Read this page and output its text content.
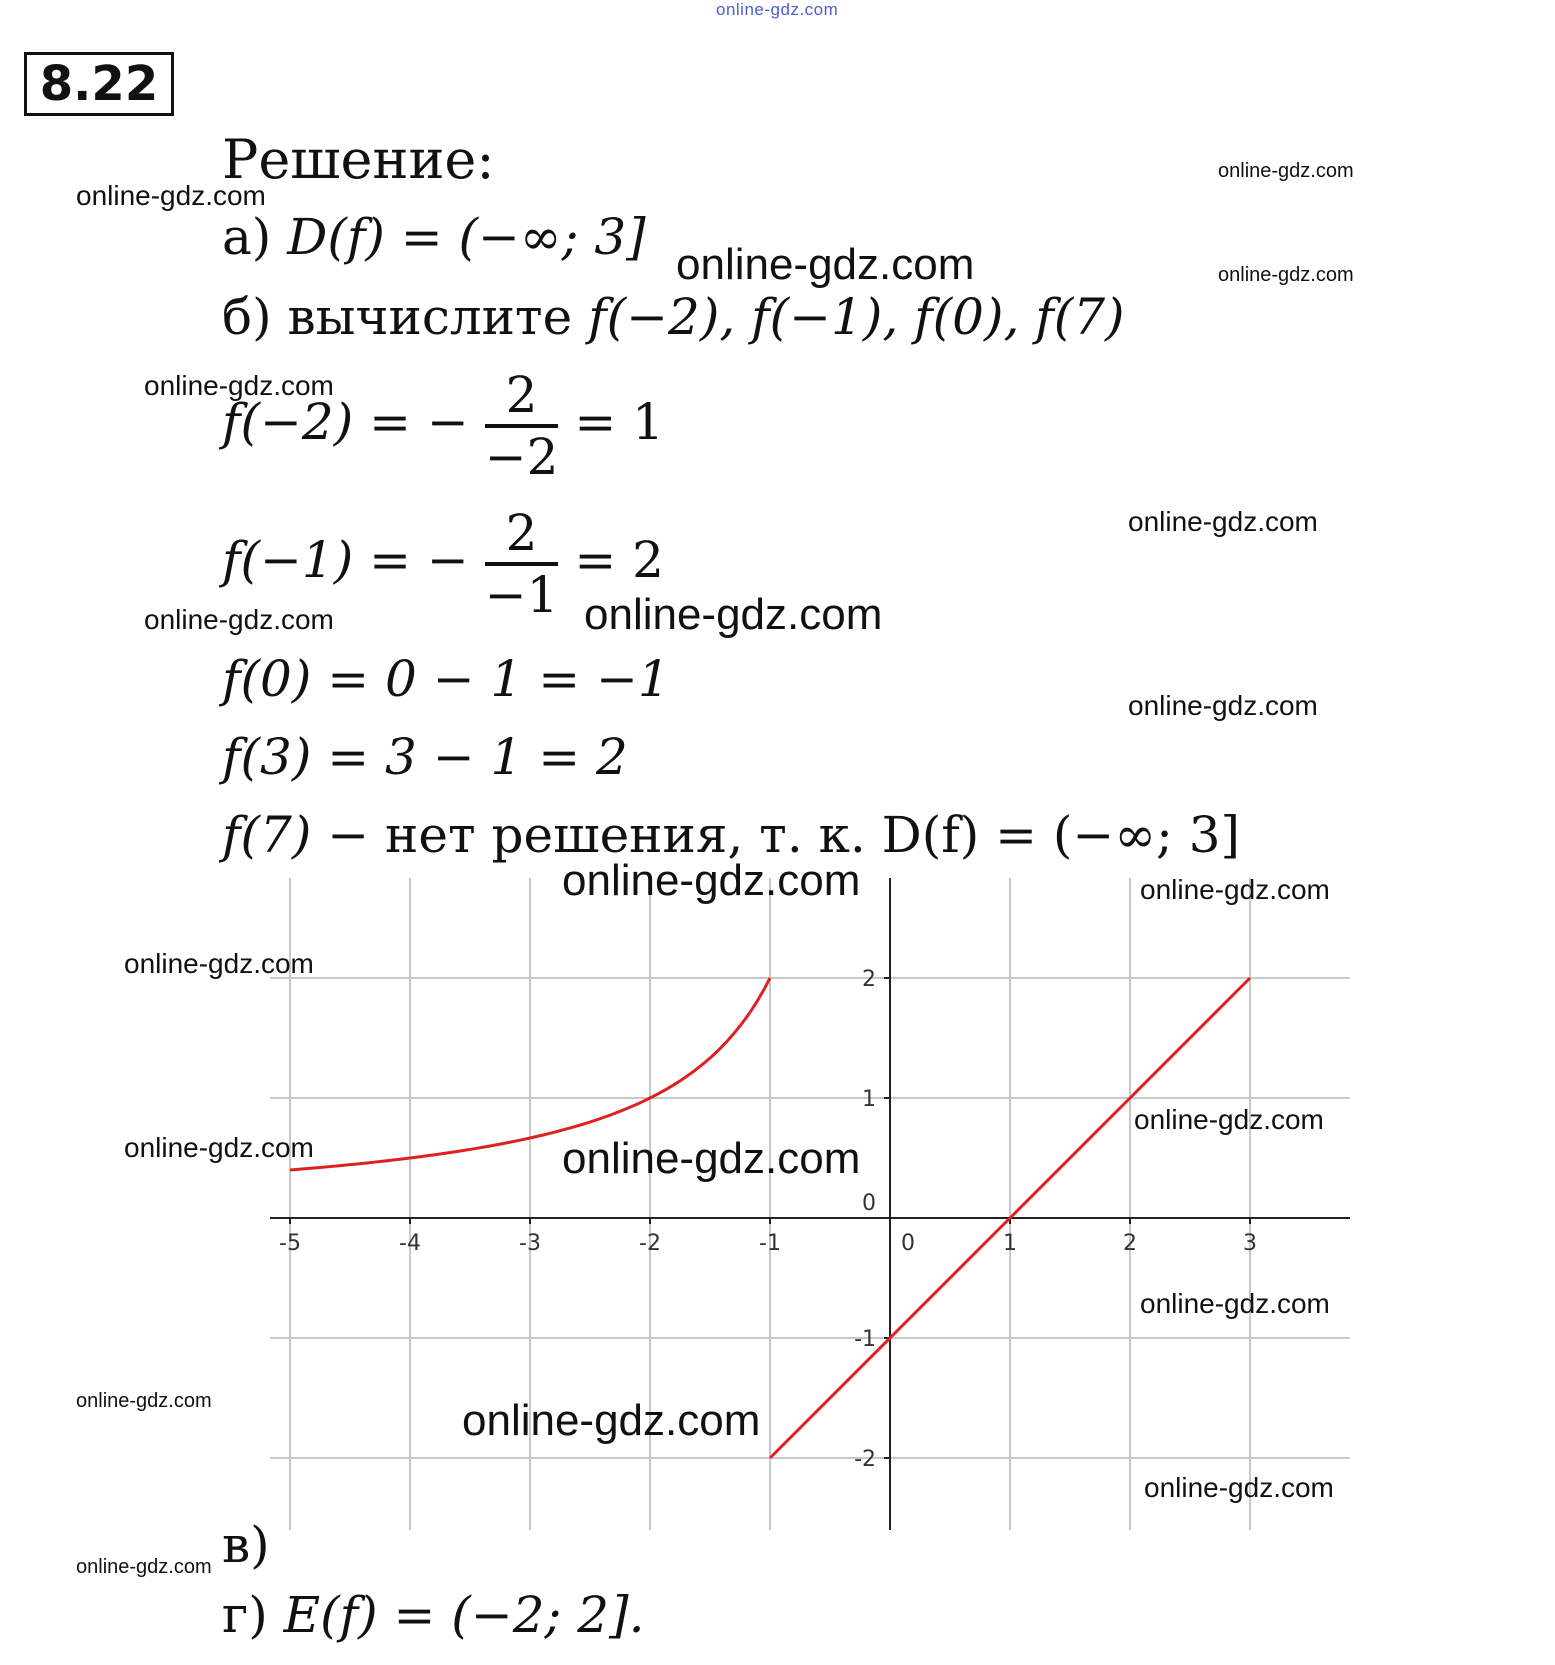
online-gdz.com
8.22
Решение:
а) D(f) = (−∞; 3]
б) вычислите f(−2), f(−1), f(0), f(7)
f(−2) = − $\frac{2}{-2} = 1$
f(−1) = − $\frac{2}{-1} = 2$
f(0) = 0 − 1 = −1
f(3) = 3 − 1 = 2
f(7) − нет решения, т. к. D(f) = (−∞; 3]
-5	-4	-3	-2	-1	0	1	2	3
-2
-1
0
1
2
в)
г) E(f) = (−2; 2].
online-gdz.com
online-gdz.com
online-gdz.com	online-gdz.com
online-gdz.com
online-gdz.com
online-gdz.com	online-gdz.com
online-gdz.com
online-gdz.com	online-gdz.com
online-gdz.com
online-gdz.com
online-gdz.com	online-gdz.com
online-gdz.com
online-gdz.com	online-gdz.com
online-gdz.com
online-gdz.com
